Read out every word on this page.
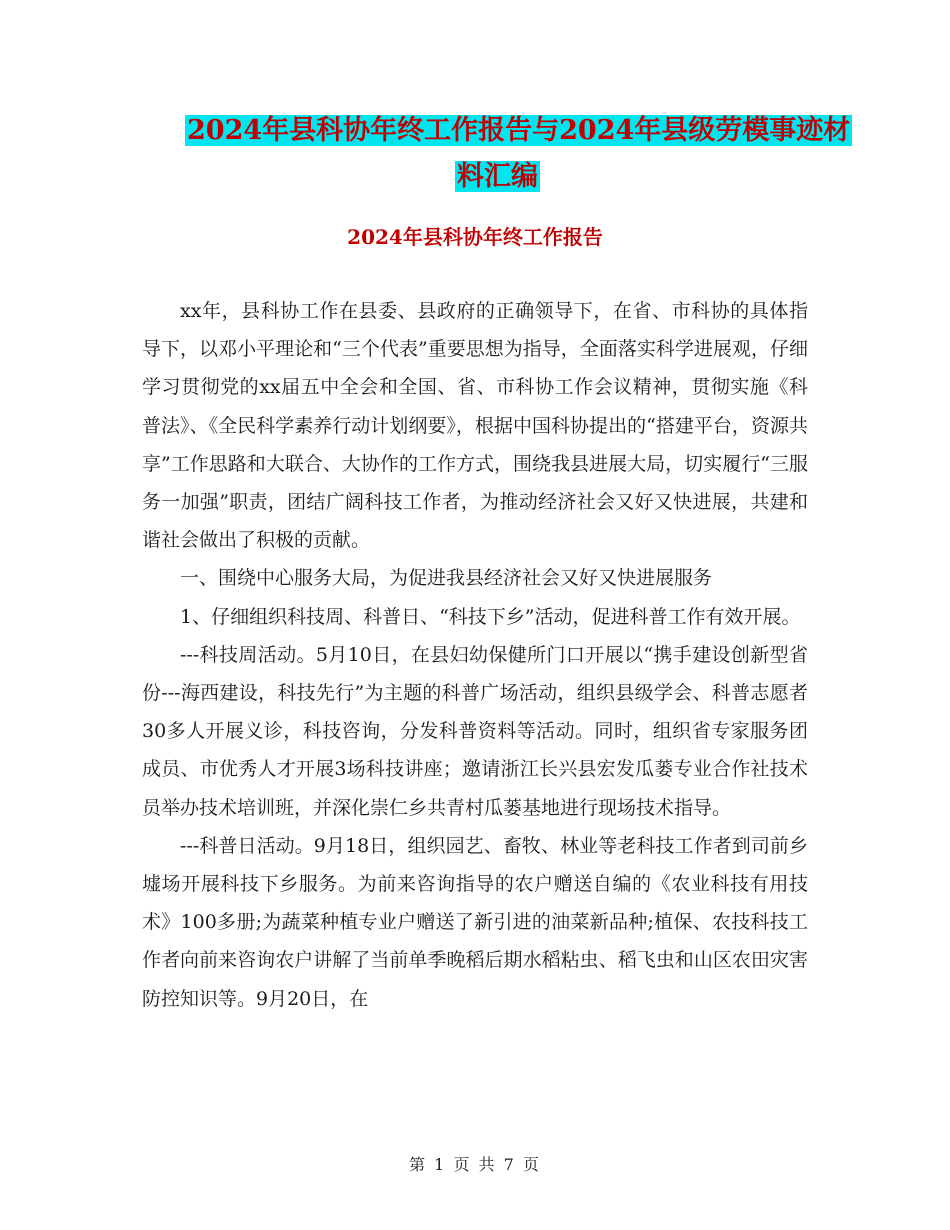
2024年县科协年终工作报告与2024年县级劳模事迹材
料汇编
2024年县科协年终工作报告

xx年，县科协工作在县委、县政府的正确领导下，在省、市科协的具体指导下，以邓小平理论和“三个代表”重要思想为指导，全面落实科学进展观，仔细学习贯彻党的xx届五中全会和全国、省、市科协工作会议精神，贯彻实施《科普法》、《全民科学素养行动计划纲要》，根据中国科协提出的“搭建平台，资源共享”工作思路和大联合、大协作的工作方式，围绕我县进展大局，切实履行“三服务一加强”职责，团结广阔科技工作者，为推动经济社会又好又快进展，共建和谐社会做出了积极的贡献。

一、围绕中心服务大局，为促进我县经济社会又好又快进展服务

1、仔细组织科技周、科普日、“科技下乡”活动，促进科普工作有效开展。

---科技周活动。5月10日，在县妇幼保健所门口开展以“携手建设创新型省份---海西建设，科技先行”为主题的科普广场活动，组织县级学会、科普志愿者30多人开展义诊，科技咨询，分发科普资料等活动。同时，组织省专家服务团成员、市优秀人才开展3场科技讲座；邀请浙江长兴县宏发瓜蒌专业合作社技术员举办技术培训班，并深化崇仁乡共青村瓜蒌基地进行现场技术指导。

---科普日活动。9月18日，组织园艺、畜牧、林业等老科技工作者到司前乡墟场开展科技下乡服务。为前来咨询指导的农户赠送自编的《农业科技有用技术》100多册;为蔬菜种植专业户赠送了新引进的油菜新品种;植保、农技科技工作者向前来咨询农户讲解了当前单季晚稻后期水稻粘虫、稻飞虫和山区农田灾害防控知识等。9月20日，在

第 1 页 共 7 页
